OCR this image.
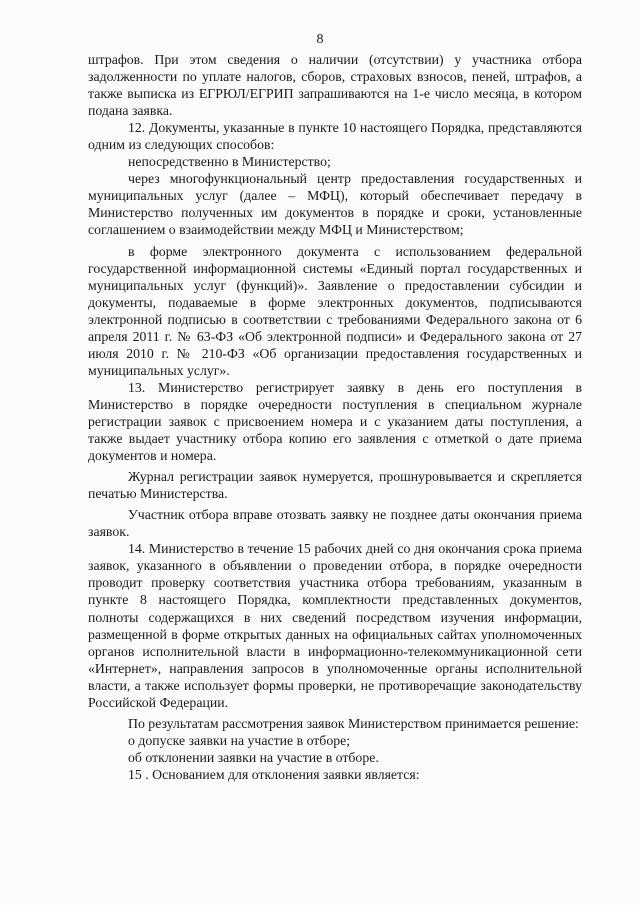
8

штрафов. При этом сведения о наличии (отсутствии) у участника отбора задолженности по уплате налогов, сборов, страховых взносов, пеней, штрафов, а также выписка из ЕГРЮЛ/ЕГРИП запрашиваются на 1-е число месяца, в котором подана заявка.

12. Документы, указанные в пункте 10 настоящего Порядка, представляются одним из следующих способов:

непосредственно в Министерство;

через многофункциональный центр предоставления государственных и муниципальных услуг (далее – МФЦ), который обеспечивает передачу в Министерство полученных им документов в порядке и сроки, установленные соглашением о взаимодействии между МФЦ и Министерством;

в форме электронного документа с использованием федеральной государственной информационной системы «Единый портал государственных и муниципальных услуг (функций)». Заявление о предоставлении субсидии и документы, подаваемые в форме электронных документов, подписываются электронной подписью в соответствии с требованиями Федерального закона от 6 апреля 2011 г. № 63-ФЗ «Об электронной подписи» и Федерального закона от 27 июля 2010 г. № 210-ФЗ «Об организации предоставления государственных и муниципальных услуг».

13. Министерство регистрирует заявку в день его поступления в Министерство в порядке очередности поступления в специальном журнале регистрации заявок с присвоением номера и с указанием даты поступления, а также выдает участнику отбора копию его заявления с отметкой о дате приема документов и номера.

Журнал регистрации заявок нумеруется, прошнуровывается и скрепляется печатью Министерства.

Участник отбора вправе отозвать заявку не позднее даты окончания приема заявок.

14. Министерство в течение 15 рабочих дней со дня окончания срока приема заявок, указанного в объявлении о проведении отбора, в порядке очередности проводит проверку соответствия участника отбора требованиям, указанным в пункте 8 настоящего Порядка, комплектности представленных документов, полноты содержащихся в них сведений посредством изучения информации, размещенной в форме открытых данных на официальных сайтах уполномоченных органов исполнительной власти в информационно-телекоммуникационной сети «Интернет», направления запросов в уполномоченные органы исполнительной власти, а также использует формы проверки, не противоречащие законодательству Российской Федерации.

По результатам рассмотрения заявок Министерством принимается решение:

о допуске заявки на участие в отборе;

об отклонении заявки на участие в отборе.

15 . Основанием для отклонения заявки является:
